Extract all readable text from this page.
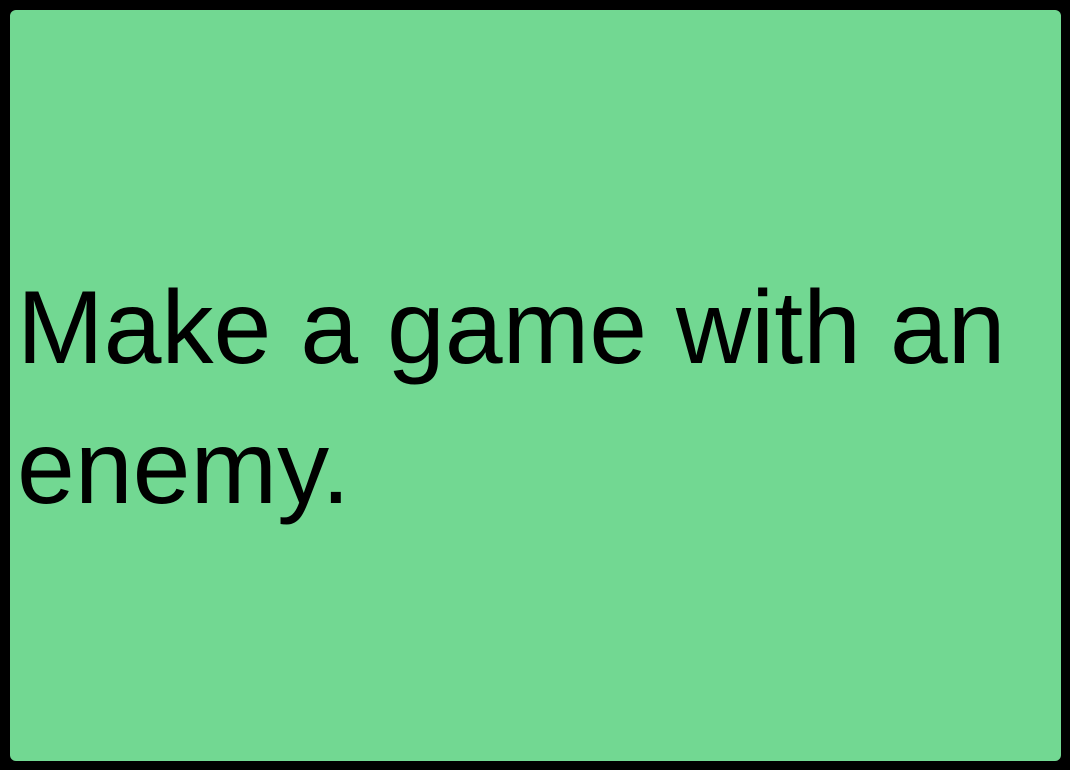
Make a game with an enemy.
